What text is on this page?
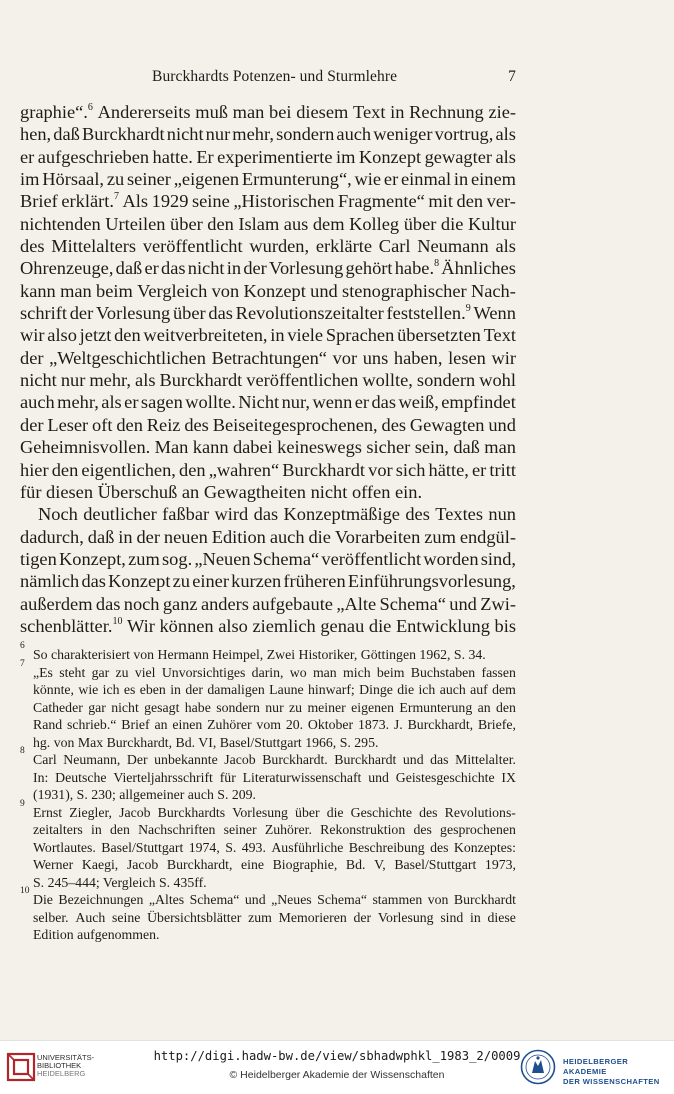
Burckhardts Potenzen- und Sturmlehre	7
graphie“.$^6$ Andererseits muß man bei diesem Text in Rechnung zie-
hen, daß Burckhardt nicht nur mehr, sondern auch weniger vortrug, als
er aufgeschrieben hatte. Er experimentierte im Konzept gewagter als
im Hörsaal, zu seiner „eigenen Ermunterung“, wie er einmal in einem
Brief erklärt.$^7$ Als 1929 seine „Historischen Fragmente“ mit den ver-
nichtenden Urteilen über den Islam aus dem Kolleg über die Kultur
des Mittelalters veröffentlicht wurden, erklärte Carl Neumann als
Ohrenzeuge, daß er das nicht in der Vorlesung gehört habe.$^8$ Ähnliches
kann man beim Vergleich von Konzept und stenographischer Nach-
schrift der Vorlesung über das Revolutionszeitalter feststellen.$^9$ Wenn
wir also jetzt den weitverbreiteten, in viele Sprachen übersetzten Text
der „Weltgeschichtlichen Betrachtungen“ vor uns haben, lesen wir
nicht nur mehr, als Burckhardt veröffentlichen wollte, sondern wohl
auch mehr, als er sagen wollte. Nicht nur, wenn er das weiß, empfindet
der Leser oft den Reiz des Beiseitegesprochenen, des Gewagten und
Geheimnisvollen. Man kann dabei keineswegs sicher sein, daß man
hier den eigentlichen, den „wahren“ Burckhardt vor sich hätte, er tritt
für diesen Überschuß an Gewagtheiten nicht offen ein.
Noch deutlicher faßbar wird das Konzeptmäßige des Textes nun
dadurch, daß in der neuen Edition auch die Vorarbeiten zum endgül-
tigen Konzept, zum sog. „Neuen Schema“ veröffentlicht worden sind,
nämlich das Konzept zu einer kurzen früheren Einführungsvorlesung,
außerdem das noch ganz anders aufgebaute „Alte Schema“ und Zwi-
schenblätter.$^{10}$ Wir können also ziemlich genau die Entwicklung bis
6
So charakterisiert von Hermann Heimpel, Zwei Historiker, Göttingen 1962, S. 34.
7
„Es steht gar zu viel Unvorsichtiges darin, wo man mich beim Buchstaben fassen
könnte, wie ich es eben in der damaligen Laune hinwarf; Dinge die ich auch auf dem
Catheder gar nicht gesagt habe sondern nur zu meiner eigenen Ermunterung an den
Rand schrieb.“ Brief an einen Zuhörer vom 20. Oktober 1873. J. Burckhardt, Briefe,
hg. von Max Burckhardt, Bd. VI, Basel/Stuttgart 1966, S. 295.
8
Carl Neumann, Der unbekannte Jacob Burckhardt. Burckhardt und das Mittelalter.
In: Deutsche Vierteljahrsschrift für Literaturwissenschaft und Geistesgeschichte IX
(1931), S. 230; allgemeiner auch S. 209.
9
Ernst Ziegler, Jacob Burckhardts Vorlesung über die Geschichte des Revolutions-
zeitalters in den Nachschriften seiner Zuhörer. Rekonstruktion des gesprochenen
Wortlautes. Basel/Stuttgart 1974, S. 493. Ausführliche Beschreibung des Konzeptes:
Werner Kaegi, Jacob Burckhardt, eine Biographie, Bd. V, Basel/Stuttgart 1973,
S. 245–444; Vergleich S. 435ff.
10
Die Bezeichnungen „Altes Schema“ und „Neues Schema“ stammen von Burckhardt
selber. Auch seine Übersichtsblätter zum Memorieren der Vorlesung sind in diese
Edition aufgenommen.
UNIVERSITÄTS-
BIBLIOTHEK
HEIDELBERG
http://digi.hadw-bw.de/view/sbhadwphkl_1983_2/0009
© Heidelberger Akademie der Wissenschaften
HEIDELBERGER AKADEMIE
DER WISSENSCHAFTEN
